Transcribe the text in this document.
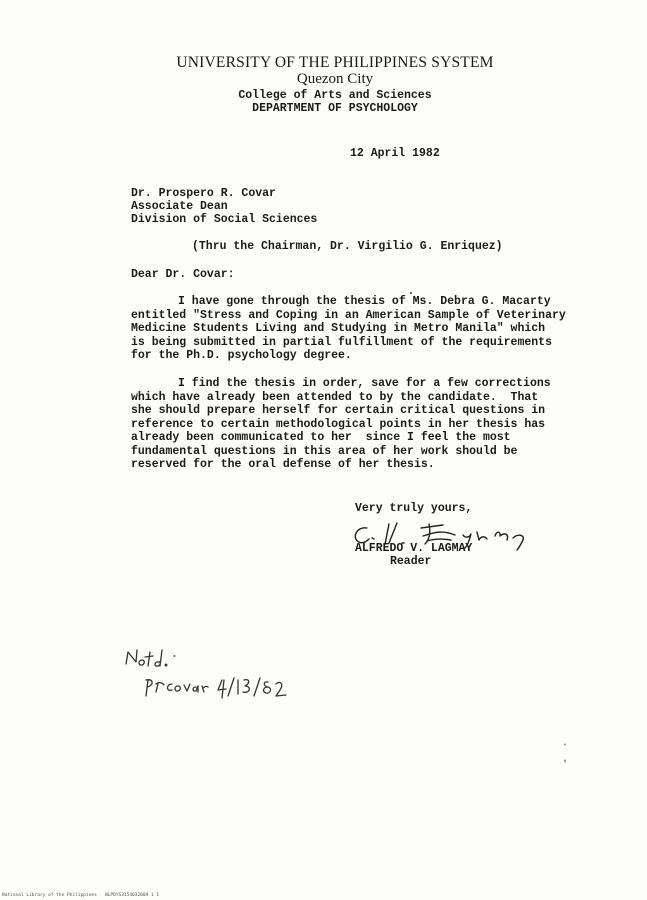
UNIVERSITY OF THE PHILIPPINES SYSTEM
Quezon City
College of Arts and Sciences
DEPARTMENT OF PSYCHOLOGY
12 April 1982
Dr. Prospero R. Covar
Associate Dean
Division of Social Sciences
(Thru the Chairman, Dr. Virgilio G. Enriquez)
Dear Dr. Covar:
I have gone through the thesis of Ms. Debra G. Macarty
entitled "Stress and Coping in an American Sample of Veterinary
Medicine Students Living and Studying in Metro Manila" which
is being submitted in partial fulfillment of the requirements
for the Ph.D. psychology degree.
I find the thesis in order, save for a few corrections
which have already been attended to by the candidate.  That
she should prepare herself for certain critical questions in
reference to certain methodological points in her thesis has
already been communicated to her  since I feel the most
fundamental questions in this area of her work should be
reserved for the oral defense of her thesis.
Very truly yours,
ALFREDO V. LAGMAY
Reader
National Library of the Philippines   NLPDYS3154032009 1 1
